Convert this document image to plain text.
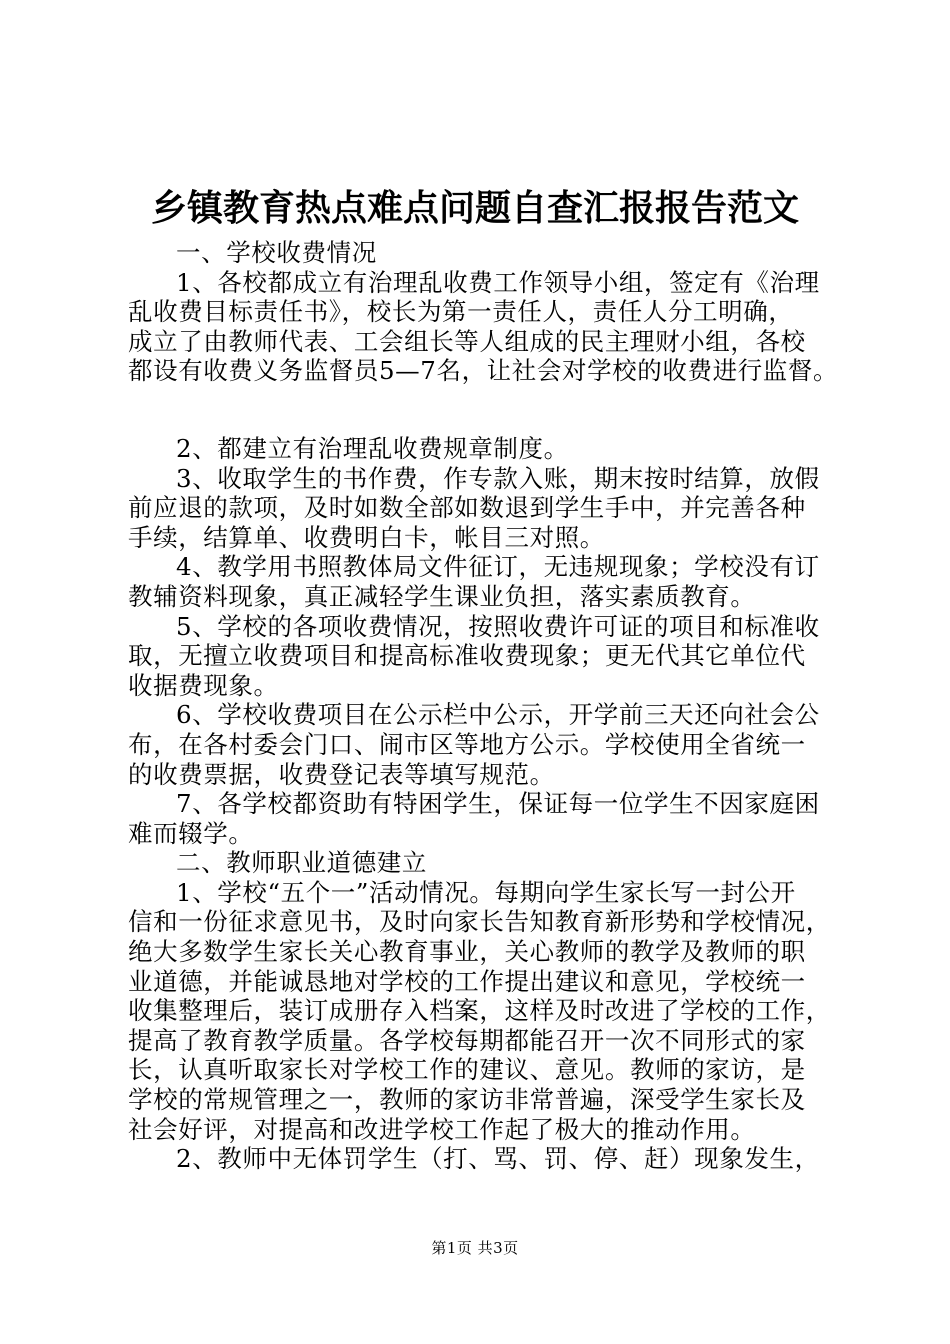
乡镇教育热点难点问题自查汇报报告范文
一、学校收费情况
1、各校都成立有治理乱收费工作领导小组，签定有《治理
乱收费目标责任书》，校长为第一责任人，责任人分工明确，
成立了由教师代表、工会组长等人组成的民主理财小组，各校
都设有收费义务监督员5—7名，让社会对学校的收费进行监督。
2、都建立有治理乱收费规章制度。
3、收取学生的书作费，作专款入账，期末按时结算，放假
前应退的款项，及时如数全部如数退到学生手中，并完善各种
手续，结算单、收费明白卡，帐目三对照。
4、教学用书照教体局文件征订，无违规现象；学校没有订
教辅资料现象，真正减轻学生课业负担，落实素质教育。
5、学校的各项收费情况，按照收费许可证的项目和标准收
取，无擅立收费项目和提高标准收费现象；更无代其它单位代
收据费现象。
6、学校收费项目在公示栏中公示，开学前三天还向社会公
布，在各村委会门口、闹市区等地方公示。学校使用全省统一
的收费票据，收费登记表等填写规范。
7、各学校都资助有特困学生，保证每一位学生不因家庭困
难而辍学。
二、教师职业道德建立
1、学校“五个一”活动情况。每期向学生家长写一封公开
信和一份征求意见书，及时向家长告知教育新形势和学校情况，
绝大多数学生家长关心教育事业，关心教师的教学及教师的职
业道德，并能诚恳地对学校的工作提出建议和意见，学校统一
收集整理后，装订成册存入档案，这样及时改进了学校的工作，
提高了教育教学质量。各学校每期都能召开一次不同形式的家
长，认真听取家长对学校工作的建议、意见。教师的家访，是
学校的常规管理之一，教师的家访非常普遍，深受学生家长及
社会好评，对提高和改进学校工作起了极大的推动作用。
2、教师中无体罚学生（打、骂、罚、停、赶）现象发生，
第1页 共3页
